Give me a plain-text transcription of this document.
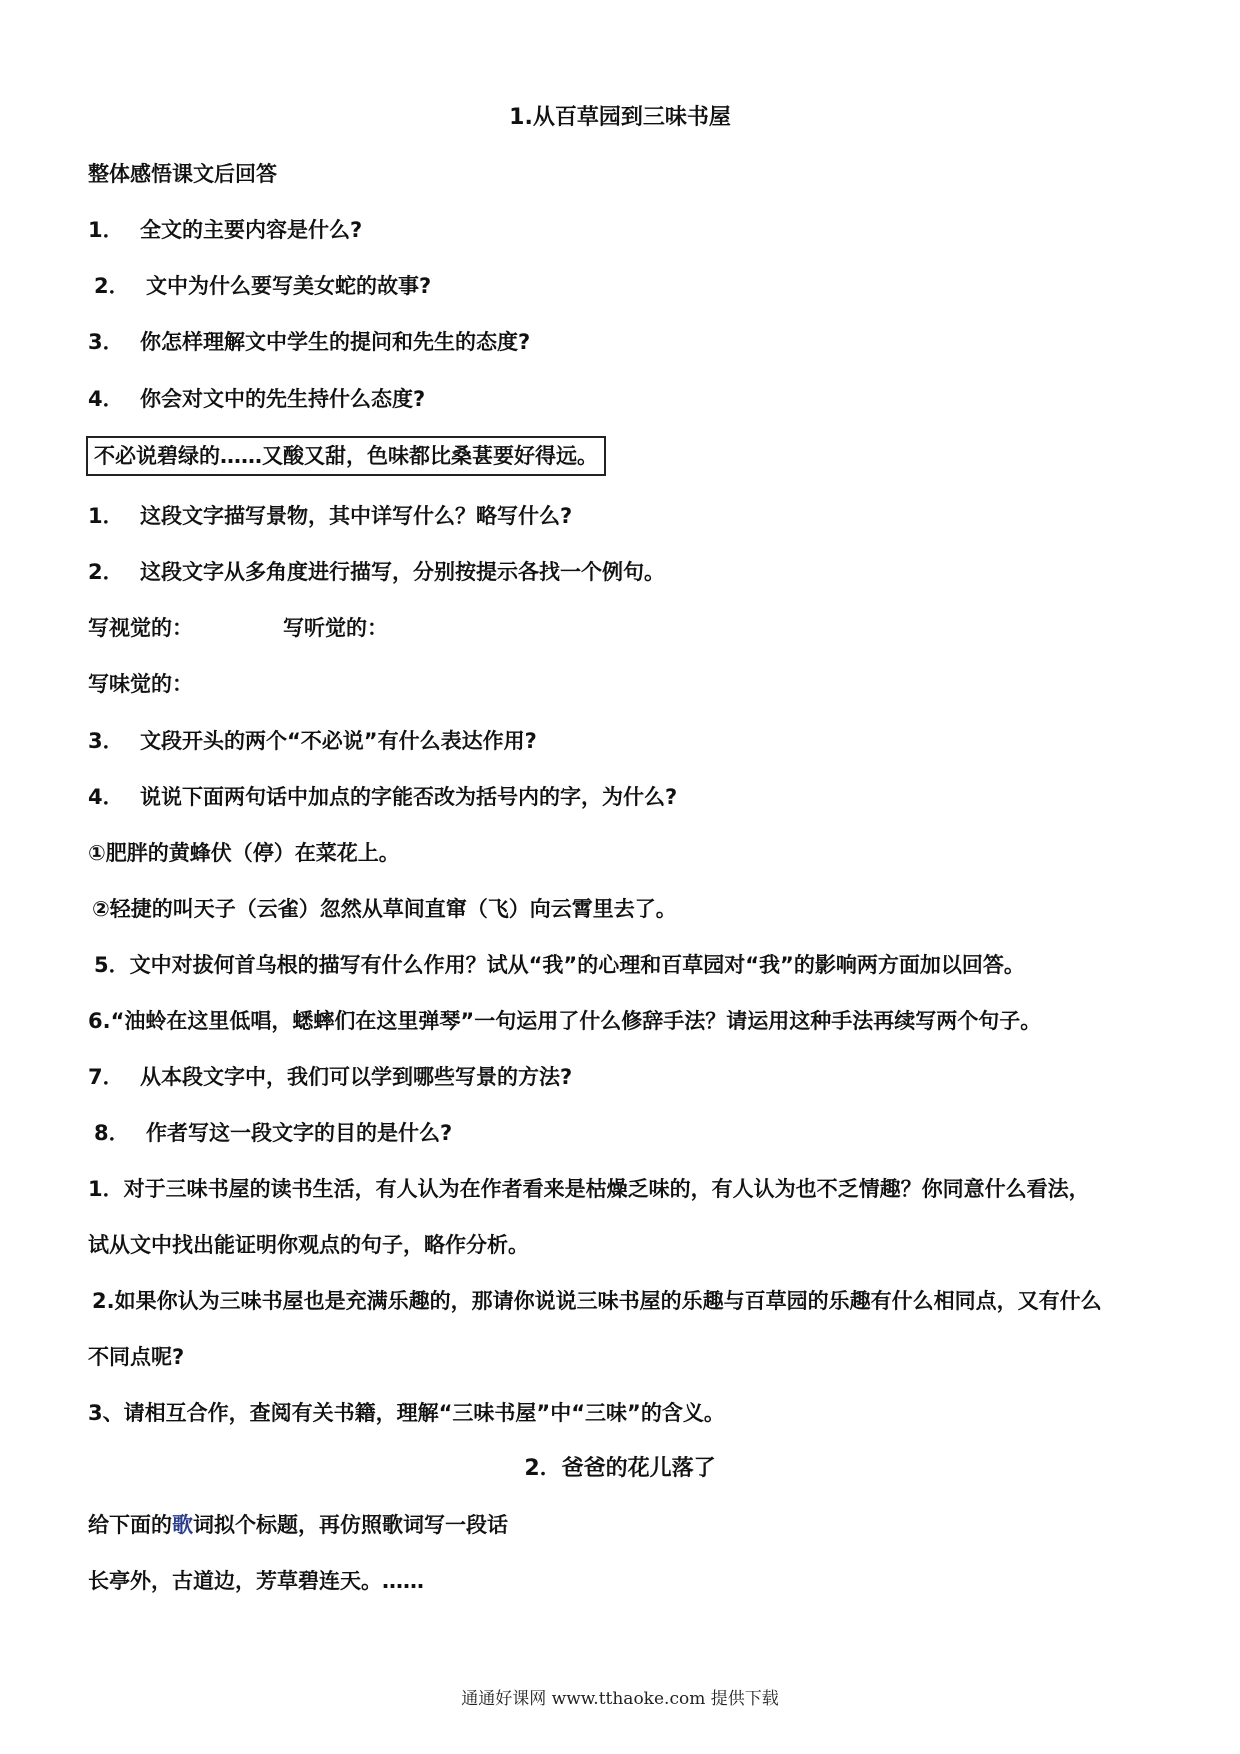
1.从百草园到三味书屋
整体感悟课文后回答
1． 全文的主要内容是什么?
2． 文中为什么要写美女蛇的故事?
3． 你怎样理解文中学生的提问和先生的态度?
4． 你会对文中的先生持什么态度?
不必说碧绿的……又酸又甜，色味都比桑葚要好得远。
1． 这段文字描写景物，其中详写什么？略写什么?
2． 这段文字从多角度进行描写，分别按提示各找一个例句。
写视觉的：	写听觉的：
写味觉的：
3． 文段开头的两个“不必说”有什么表达作用?
4． 说说下面两句话中加点的字能否改为括号内的字，为什么?
①肥胖的黄蜂伏（停）在菜花上。
②轻捷的叫天子（云雀）忽然从草间直窜（飞）向云霄里去了。
5．文中对拔何首乌根的描写有什么作用？试从“我”的心理和百草园对“我”的影响两方面加以回答。
6.“油蛉在这里低唱，蟋蟀们在这里弹琴”一句运用了什么修辞手法？请运用这种手法再续写两个句子。
7． 从本段文字中，我们可以学到哪些写景的方法?
8． 作者写这一段文字的目的是什么?
1．对于三味书屋的读书生活，有人认为在作者看来是枯燥乏味的，有人认为也不乏情趣？你同意什么看法，
试从文中找出能证明你观点的句子，略作分析。
2.如果你认为三味书屋也是充满乐趣的，那请你说说三味书屋的乐趣与百草园的乐趣有什么相同点，又有什么
不同点呢?
3、请相互合作，查阅有关书籍，理解“三味书屋”中“三味”的含义。
2．爸爸的花儿落了
给下面的歌词拟个标题，再仿照歌词写一段话
长亭外，古道边，芳草碧连天。……
通通好课网 www.tthaoke.com 提供下载
